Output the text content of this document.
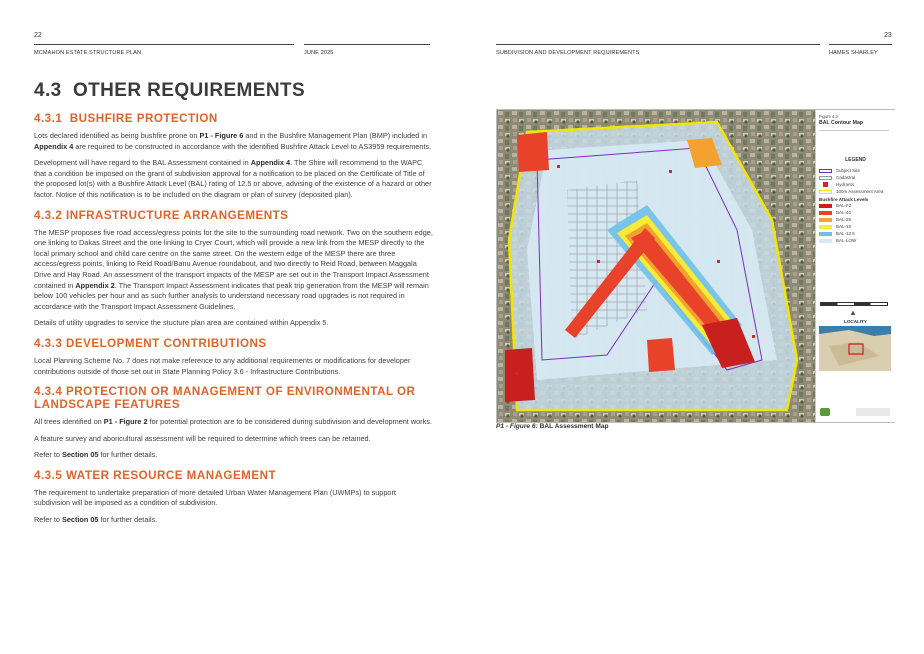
22
MCMAHON ESTATE STRUCTURE PLAN	JUNE 2025
23
SUBDIVISION AND DEVELOPMENT REQUIREMENTS	HAMES SHARLEY
4.3 OTHER REQUIREMENTS
4.3.1 BUSHFIRE PROTECTION
Lots declared identified as being bushfire prone on P1 - Figure 6 and in the Bushfire Management Plan (BMP) included in Appendix 4 are required to be constructed in accordance with the identified Bushfire Attack Level to AS3959 requirements.
Development will have regard to the BAL Assessment contained in Appendix 4. The Shire will recommend to the WAPC that a condition be imposed on the grant of subdivision approval for a notification to be placed on the Certificate of Title of the proposed lot(s) with a Bushfire Attack Level (BAL) rating of 12.5 or above, advising of the existence of a hazard or other factor. Notice of this notification is to be included on the diagram or plan of survey (deposited plan).
4.3.2 INFRASTRUCTURE ARRANGEMENTS
The MESP proposes five road access/egress points for the site to the surrounding road network. Two on the southern edge, one linking to Dakas Street and the one linking to Cryer Court, which will provide a new link from the MESP directly to the local primary school and child care centre on the same street. On the western edge of the MESP there are three access/egress points, linking to Reid Road/Banu Avenue roundabout, and two directly to Reid Road, between Maggala Drive and Hay Road. An assessment of the transport impacts of the MESP are set out in the Transport Impact Assessment contained in Appendix 2. The Transport Impact Assessment indicates that peak trip generation from the MESP will remain below 100 vehicles per hour and as such further analysis to understand necessary road upgrades is not required in accordance with the Transport Impact Assessment Guidelines.
Details of utility upgrades to service the stucture plan area are contained within Appendix 5.
4.3.3 DEVELOPMENT CONTRIBUTIONS
Local Planning Scheme No. 7 does not make reference to any additional requirements or modifications for developer contributions outside of those set out in State Planning Policy 3.6 - Infrastructure Contributions.
4.3.4 PROTECTION OR MANAGEMENT OF ENVIRONMENTAL OR LANDSCAPE FEATURES
All trees identified on P1 - Figure 2 for potential protection are to be considered during subdivision and development works.
A feature survey and aboricultural assessment will be required to determine which trees can be retained.
Refer to Section 05 for further details.
4.3.5 WATER RESOURCE MANAGEMENT
The requirement to undertake preparation of more detailed Urban Water Management Plan (UWMPs) to support subdivision will be imposed as a condition of subdivision.
Refer to Section 05 for further details.
Figure 4.2
BAL Contour Map
LEGEND
Subject Site
Cadastral
Hydrants
100m Assessment Area
Bushfire Attack Levels
BAL-FZ
BAL-40
BAL-29
BAL-19
BAL-12.5
BAL-LOW
▲
LOCALITY
P1 - Figure 6: BAL Assessment Map
